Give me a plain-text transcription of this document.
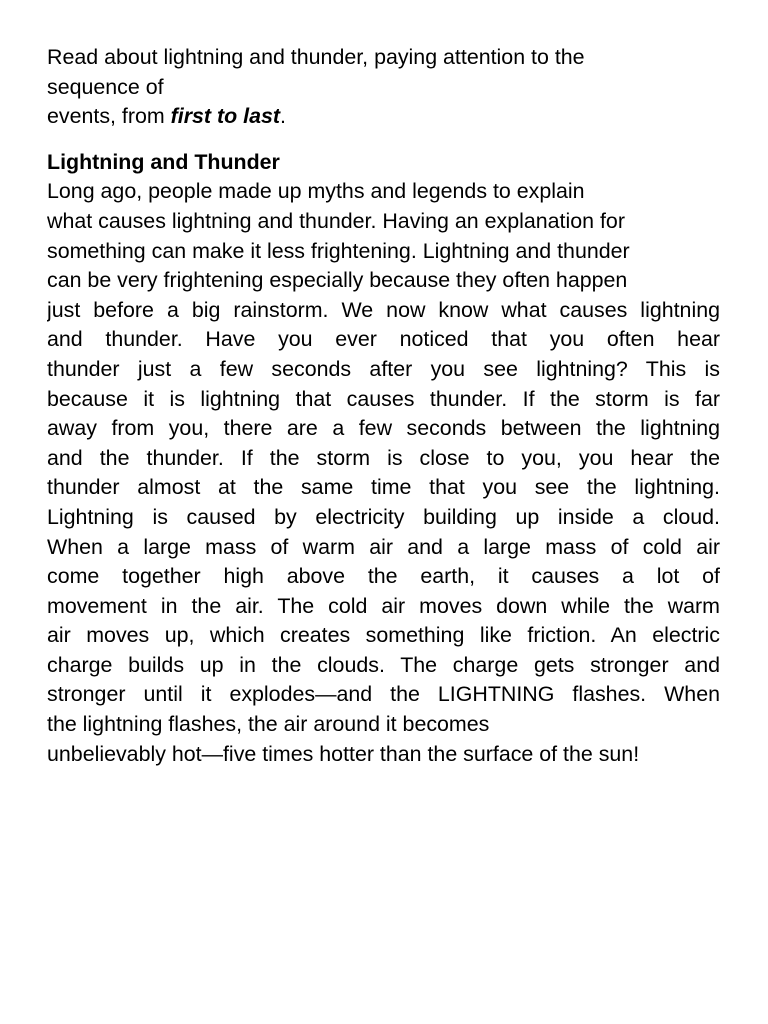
Read about lightning and thunder, paying attention to the
sequence of
events, from first to last.
Lightning and Thunder
Long ago, people made up myths and legends to explain
what causes lightning and thunder. Having an explanation for
something can make it less frightening. Lightning and thunder
can be very frightening especially because they often happen
just before a big rainstorm. We now know what causes lightning
and thunder. Have you ever noticed that you often hear
thunder just a few seconds after you see lightning? This is
because it is lightning that causes thunder. If the storm is far
away from you, there are a few seconds between the lightning
and the thunder. If the storm is close to you, you hear the
thunder almost at the same time that you see the lightning.
Lightning is caused by electricity building up inside a cloud.
When a large mass of warm air and a large mass of cold air
come together high above the earth, it causes a lot of
movement in the air. The cold air moves down while the warm
air moves up, which creates something like friction. An electric
charge builds up in the clouds. The charge gets stronger and
stronger until it explodes—and the LIGHTNING flashes. When
the lightning flashes, the air around it becomes
unbelievably hot—five times hotter than the surface of the sun!
